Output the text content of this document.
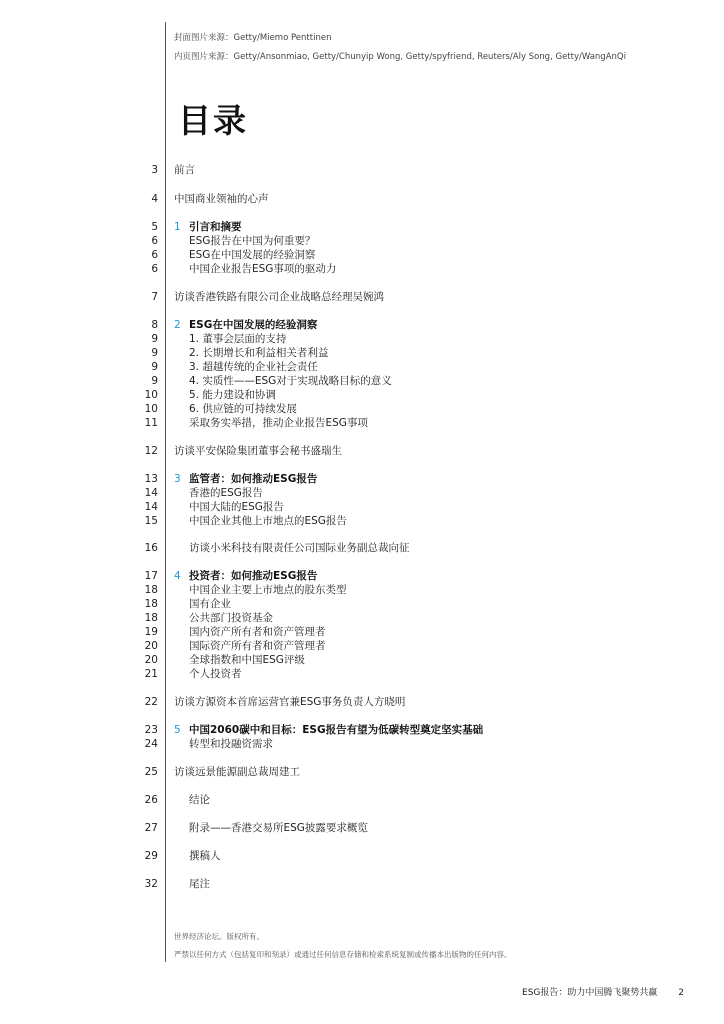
封面图片来源：Getty/Miemo Penttinen

内页图片来源：Getty/Ansonmiao, Getty/Chunyip Wong, Getty/spyfriend, Reuters/Aly Song, Getty/WangAnQi

目录
3 前言
4 中国商业领袖的心声
5 1 引言和摘要
6	ESG报告在中国为何重要？
6	ESG在中国发展的经验洞察
6	中国企业报告ESG事项的驱动力
7 访谈香港铁路有限公司企业战略总经理吴婉鸿
8 2 ESG在中国发展的经验洞察
9	1. 董事会层面的支持
9	2. 长期增长和利益相关者利益
9	3. 超越传统的企业社会责任
9	4. 实质性——ESG对于实现战略目标的意义
10	5. 能力建设和协调
10	6. 供应链的可持续发展
11	采取务实举措，推动企业报告ESG事项
12 访谈平安保险集团董事会秘书盛瑞生
13 3 监管者：如何推动ESG报告
14	香港的ESG报告
14	中国大陆的ESG报告
15	中国企业其他上市地点的ESG报告
16	访谈小米科技有限责任公司国际业务副总裁向征
17 4 投资者：如何推动ESG报告
18	中国企业主要上市地点的股东类型
18	国有企业
18	公共部门投资基金
19	国内资产所有者和资产管理者
20	国际资产所有者和资产管理者
20	全球指数和中国ESG评级
21	个人投资者
22 访谈方源资本首席运营官兼ESG事务负责人方晓明
23 5 中国2060碳中和目标：ESG报告有望为低碳转型奠定坚实基础
24	转型和投融资需求
25 访谈远景能源副总裁周建工
26	结论
27	附录——香港交易所ESG披露要求概览
29	撰稿人
32	尾注
世界经济论坛。版权所有。
严禁以任何方式（包括复印和刻录）或通过任何信息存储和检索系统复制或传播本出版物的任何内容。
ESG报告：助力中国腾飞聚势共赢 2
